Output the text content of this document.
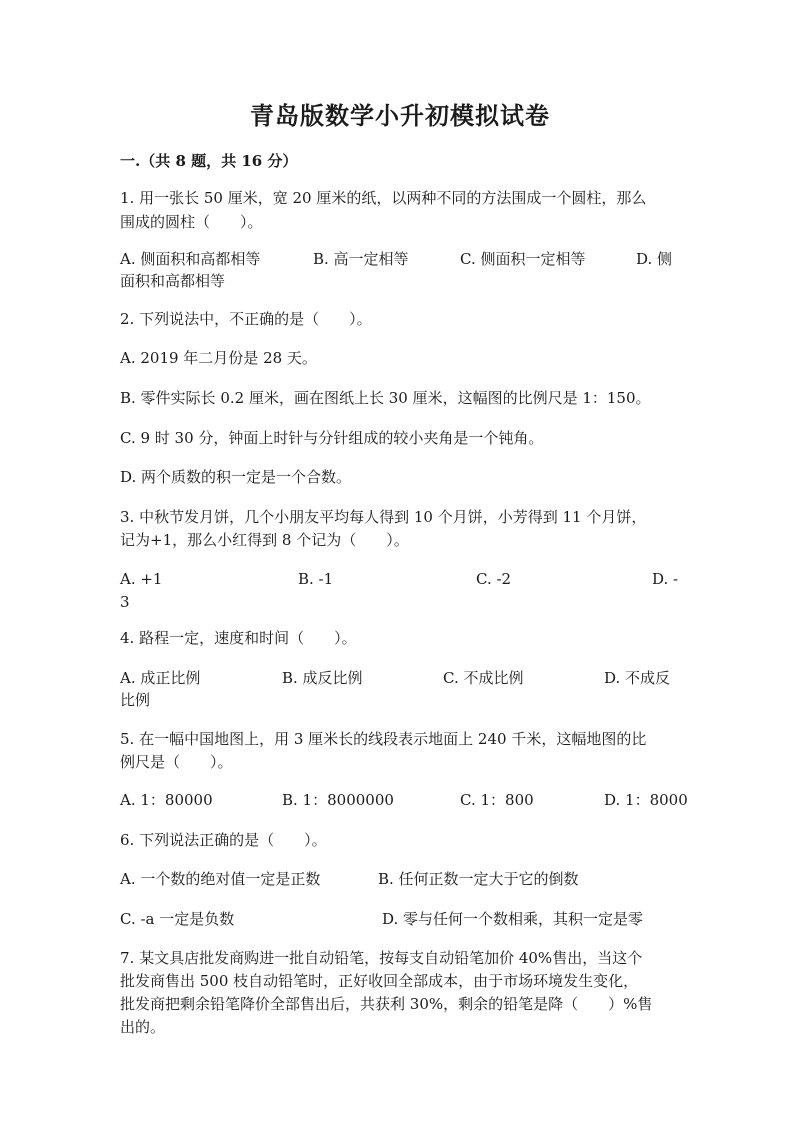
青岛版数学小升初模拟试卷
一.（共 8 题，共 16 分）
1. 用一张长 50 厘米，宽 20 厘米的纸，以两种不同的方法围成一个圆柱，那么
围成的圆柱（　　）。
A. 侧面积和高都相等	B. 高一定相等	C. 侧面积一定相等	D. 侧
面积和高都相等
2. 下列说法中，不正确的是（　　）。
A. 2019 年二月份是 28 天。
B. 零件实际长 0.2 厘米，画在图纸上长 30 厘米，这幅图的比例尺是 1：150。
C. 9 时 30 分，钟面上时针与分针组成的较小夹角是一个钝角。
D. 两个质数的积一定是一个合数。
3. 中秋节发月饼，几个小朋友平均每人得到 10 个月饼，小芳得到 11 个月饼，
记为+1，那么小红得到 8 个记为（　　）。
A. +1	B. -1	C. -2	D. -
3
4. 路程一定，速度和时间（　　）。
A. 成正比例	B. 成反比例	C. 不成比例	D. 不成反
比例
5. 在一幅中国地图上，用 3 厘米长的线段表示地面上 240 千米，这幅地图的比
例尺是（　　）。
A. 1：80000	B. 1：8000000	C. 1：800	D. 1：8000
6. 下列说法正确的是（　　）。
A. 一个数的绝对值一定是正数	B. 任何正数一定大于它的倒数
C. -a 一定是负数	D. 零与任何一个数相乘，其积一定是零
7. 某文具店批发商购进一批自动铅笔，按每支自动铅笔加价 40%售出，当这个
批发商售出 500 枝自动铅笔时，正好收回全部成本，由于市场环境发生变化，
批发商把剩余铅笔降价全部售出后，共获利 30%，剩余的铅笔是降（　　）%售
出的。
